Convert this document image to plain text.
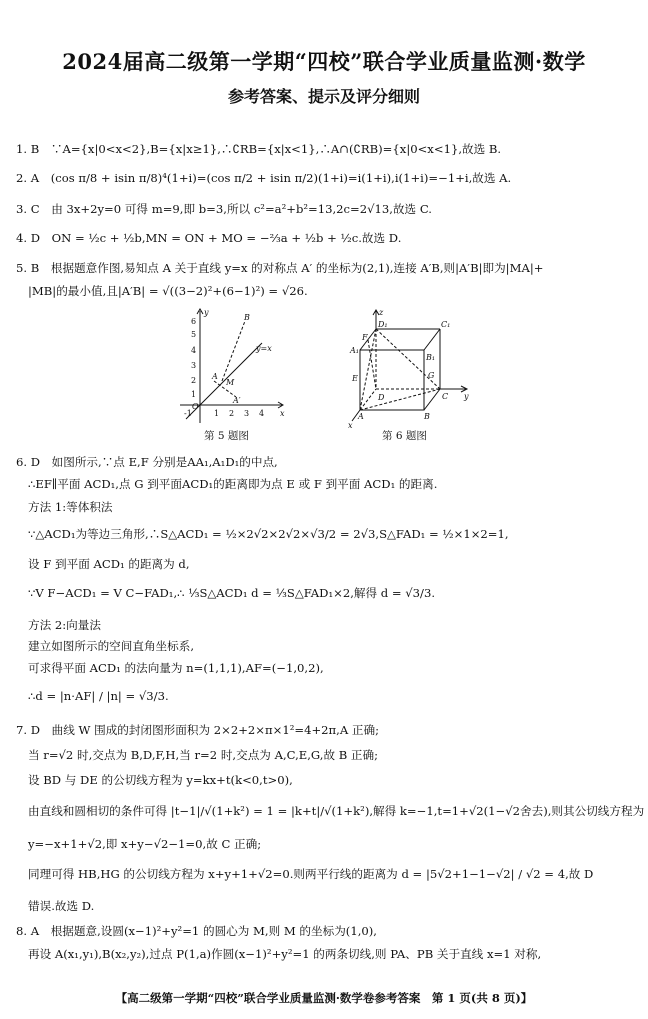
2024届高二级第一学期“四校”联合学业质量监测·数学
参考答案、提示及评分细则
1. B　∵A={x|0<x<2},B={x|x≥1},∴∁RB={x|x<1},∴A∩(∁RB)={x|0<x<1},故选 B.
2. A　(cos π/8 + isin π/8)⁴(1+i)=(cos π/2 + isin π/2)(1+i)=i(1+i),i(1+i)=−1+i,故选 A.
3. C　由 3x+2y=0 可得 m=9,即 b=3,所以 c²=a²+b²=13,2c=2√13,故选 C.
4. D　ON = ½c + ½b,MN = ON + MO = −⅔a + ½b + ½c.故选 D.
5. B　根据题意作图,易知点 A 关于直线 y=x 的对称点 A′ 的坐标为(2,1),连接 A′B,则|A′B|即为|MA|+
|MB|的最小值,且|A′B| = √((3−2)²+(6−1)²) = √26.
6
5
4
3
2
1
-1	1 2 3 4
O
y
x
y=x
B
A
M
A′
第 5 题图
z
D₁	C₁
F
A₁
B₁
E	G
D	C y
A	B
x
第 6 题图
6. D　如图所示,∵点 E,F 分别是AA₁,A₁D₁的中点,
∴EF∥平面 ACD₁,点 G 到平面ACD₁的距离即为点 E 或 F 到平面 ACD₁ 的距离.
方法 1:等体积法
∵△ACD₁为等边三角形,∴S△ACD₁ = ½×2√2×2√2×√3/2 = 2√3,S△FAD₁ = ½×1×2=1,
设 F 到平面 ACD₁ 的距离为 d,
∵V F−ACD₁ = V C−FAD₁,∴ ⅓S△ACD₁ d = ⅓S△FAD₁×2,解得 d = √3/3.
方法 2:向量法
建立如图所示的空间直角坐标系,
可求得平面 ACD₁ 的法向量为 n=(1,1,1),AF=(−1,0,2),
∴d = |n·AF| / |n| = √3/3.
7. D　曲线 W 围成的封闭图形面积为 2×2+2×π×1²=4+2π,A 正确;
当 r=√2 时,交点为 B,D,F,H,当 r=2 时,交点为 A,C,E,G,故 B 正确;
设 BD 与 DE 的公切线方程为 y=kx+t(k<0,t>0),
由直线和圆相切的条件可得 |t−1|/√(1+k²) = 1 = |k+t|/√(1+k²),解得 k=−1,t=1+√2(1−√2舍去),则其公切线方程为
y=−x+1+√2,即 x+y−√2−1=0,故 C 正确;
同理可得 HB,HG 的公切线方程为 x+y+1+√2=0.则两平行线的距离为 d = |5√2+1−1−√2| / √2 = 4,故 D
错误.故选 D.
8. A　根据题意,设圆(x−1)²+y²=1 的圆心为 M,则 M 的坐标为(1,0),
再设 A(x₁,y₁),B(x₂,y₂),过点 P(1,a)作圆(x−1)²+y²=1 的两条切线,则 PA、PB 关于直线 x=1 对称,
【高二级第一学期“四校”联合学业质量监测·数学卷参考答案　第 1 页(共 8 页)】
